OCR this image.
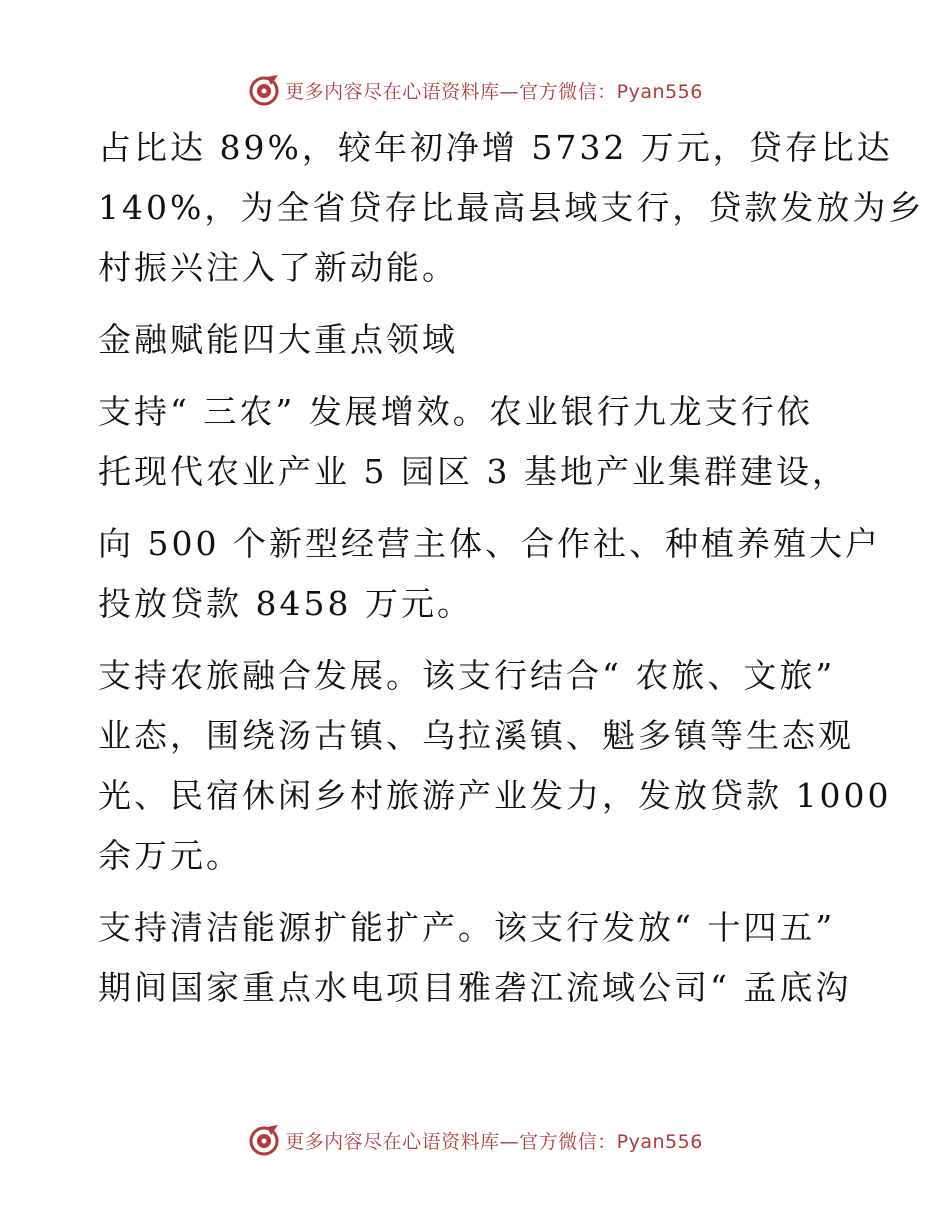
更多内容尽在心语资料库—官方微信：Pyan556
占比达 89%，较年初净增 5732 万元，贷存比达
140%，为全省贷存比最高县域支行，贷款发放为乡
村振兴注入了新动能。
金融赋能四大重点领域
支持“ 三农” 发展增效。农业银行九龙支行依
托现代农业产业 5 园区 3 基地产业集群建设，
向 500 个新型经营主体、合作社、种植养殖大户
投放贷款 8458 万元。
支持农旅融合发展。该支行结合“ 农旅、文旅”
业态，围绕汤古镇、乌拉溪镇、魁多镇等生态观
光、民宿休闲乡村旅游产业发力，发放贷款 1000
余万元。
支持清洁能源扩能扩产。该支行发放“ 十四五”
期间国家重点水电项目雅砻江流域公司“ 孟底沟
更多内容尽在心语资料库—官方微信：Pyan556
